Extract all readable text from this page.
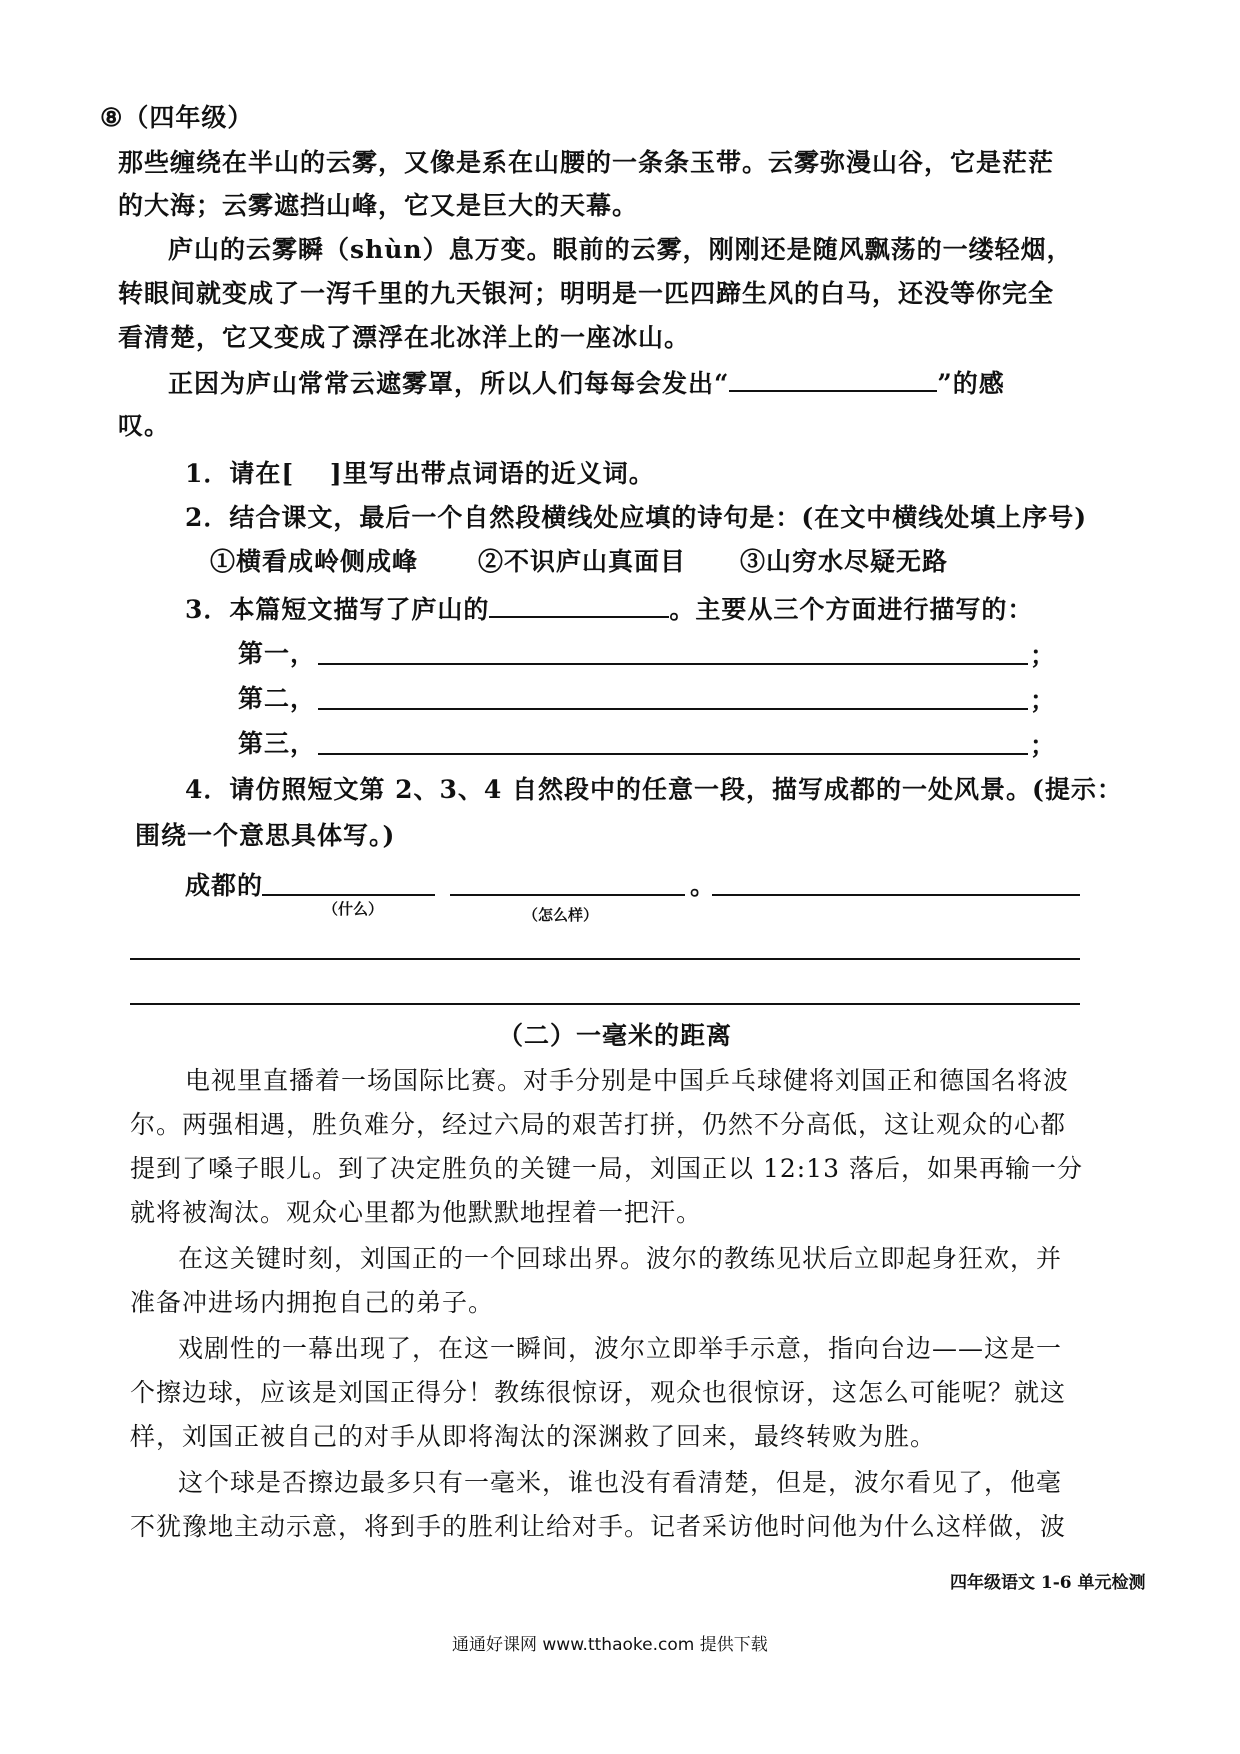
⑧（四年级）
那些缠绕在半山的云雾，又像是系在山腰的一条条玉带。云雾弥漫山谷，它是茫茫
的大海；云雾遮挡山峰，它又是巨大的天幕。
庐山的云雾瞬（shùn）息万变。眼前的云雾，刚刚还是随风飘荡的一缕轻烟，
转眼间就变成了一泻千里的九天银河；明明是一匹四蹄生风的白马，还没等你完全
看清楚，它又变成了漂浮在北冰洋上的一座冰山。
正因为庐山常常云遮雾罩，所以人们每每会发出“	”的感
叹。
1．请在[　 ]里写出带点词语的近义词。
2．结合课文，最后一个自然段横线处应填的诗句是：(在文中横线处填上序号)
①横看成岭侧成峰 ②不识庐山真面目 ③山穷水尽疑无路
3．本篇短文描写了庐山的	。主要从三个方面进行描写的：
第一，	；
第二，	；
第三，	；
4．请仿照短文第 2、3、4 自然段中的任意一段，描写成都的一处风景。(提示：
围绕一个意思具体写。)
成都的	。
（什么）	（怎么样）
（二）一毫米的距离
电视里直播着一场国际比赛。对手分别是中国乒乓球健将刘国正和德国名将波
尔。两强相遇，胜负难分，经过六局的艰苦打拼，仍然不分高低，这让观众的心都
提到了嗓子眼儿。到了决定胜负的关键一局，刘国正以 12:13 落后，如果再输一分
就将被淘汰。观众心里都为他默默地捏着一把汗。
在这关键时刻，刘国正的一个回球出界。波尔的教练见状后立即起身狂欢，并
准备冲进场内拥抱自己的弟子。
戏剧性的一幕出现了，在这一瞬间，波尔立即举手示意，指向台边——这是一
个擦边球，应该是刘国正得分！教练很惊讶，观众也很惊讶，这怎么可能呢？就这
样，刘国正被自己的对手从即将淘汰的深渊救了回来，最终转败为胜。
这个球是否擦边最多只有一毫米，谁也没有看清楚，但是，波尔看见了，他毫
不犹豫地主动示意，将到手的胜利让给对手。记者采访他时问他为什么这样做，波
四年级语文 1-6 单元检测
通通好课网 www.tthaoke.com 提供下载
